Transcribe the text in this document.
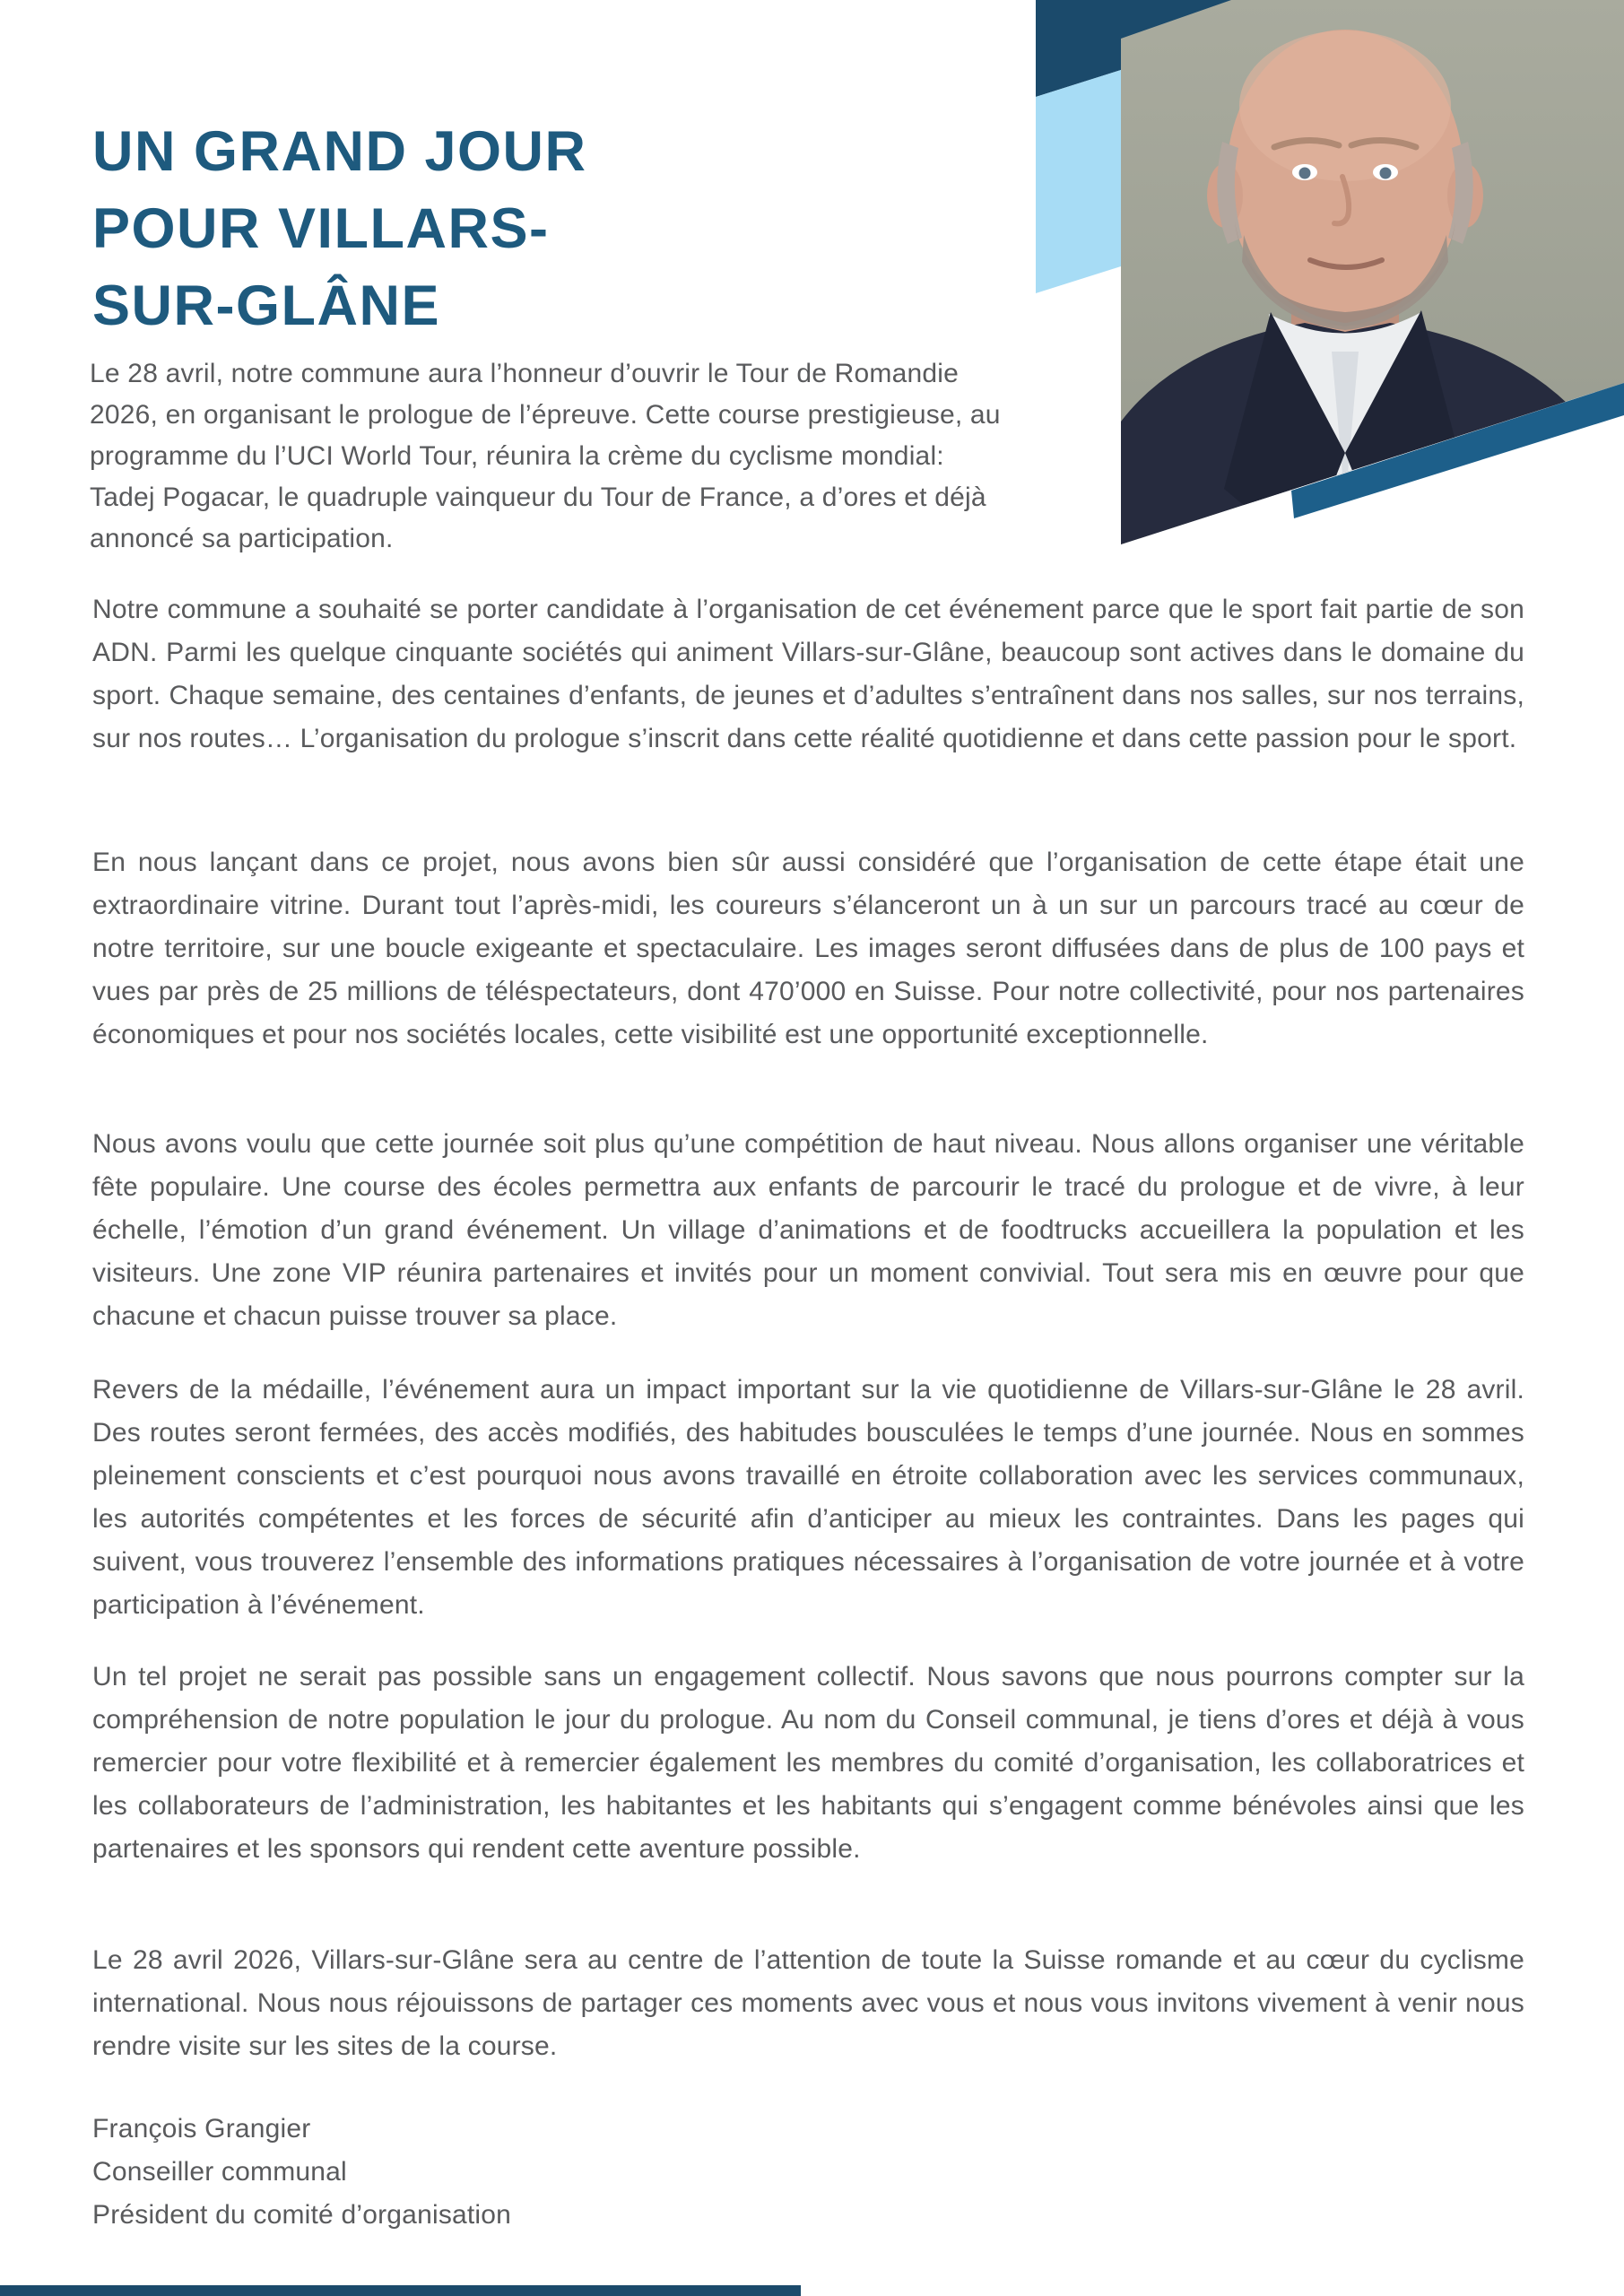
UN GRAND JOUR
POUR VILLARS-
SUR-GLÂNE

Le 28 avril, notre commune aura l’honneur d’ouvrir le Tour de Romandie 2026, en organisant le prologue de l’épreuve. Cette course prestigieuse, au programme du l’UCI World Tour, réunira la crème du cyclisme mondial: Tadej Pogacar, le quadruple vainqueur du Tour de France, a d’ores et déjà annoncé sa participation.

Notre commune a souhaité se porter candidate à l’organisation de cet événement parce que le sport fait partie de son ADN. Parmi les quelque cinquante sociétés qui animent Villars-sur-Glâne, beaucoup sont actives dans le domaine du sport. Chaque semaine, des centaines d’enfants, de jeunes et d’adultes s’entraînent dans nos salles, sur nos terrains, sur nos routes… L’organisation du prologue s’inscrit dans cette réalité quotidienne et dans cette passion pour le sport.

En nous lançant dans ce projet, nous avons bien sûr aussi considéré que l’organisation de cette étape était une extraordinaire vitrine. Durant tout l’après-midi, les coureurs s’élanceront un à un sur un parcours tracé au cœur de notre territoire, sur une boucle exigeante et spectaculaire. Les images seront diffusées dans de plus de 100 pays et vues par près de 25 millions de téléspectateurs, dont 470’000 en Suisse. Pour notre collectivité, pour nos partenaires économiques et pour nos sociétés locales, cette visibilité est une opportunité exceptionnelle.

Nous avons voulu que cette journée soit plus qu’une compétition de haut niveau. Nous allons organiser une véritable fête populaire. Une course des écoles permettra aux enfants de parcourir le tracé du prologue et de vivre, à leur échelle, l’émotion d’un grand événement. Un village d’animations et de foodtrucks accueillera la population et les visiteurs. Une zone VIP réunira partenaires et invités pour un moment convivial. Tout sera mis en œuvre pour que chacune et chacun puisse trouver sa place.

Revers de la médaille, l’événement aura un impact important sur la vie quotidienne de Villars-sur-Glâne le 28 avril. Des routes seront fermées, des accès modifiés, des habitudes bousculées le temps d’une journée. Nous en sommes pleinement conscients et c’est pourquoi nous avons travaillé en étroite collaboration avec les services communaux, les autorités compétentes et les forces de sécurité afin d’anticiper au mieux les contraintes. Dans les pages qui suivent, vous trouverez l’ensemble des informations pratiques nécessaires à l’organisation de votre journée et à votre participation à l’événement.

Un tel projet ne serait pas possible sans un engagement collectif. Nous savons que nous pourrons compter sur la compréhension de notre population le jour du prologue. Au nom du Conseil communal, je tiens d’ores et déjà à vous remercier pour votre flexibilité et à remercier également les membres du comité d’organisation, les collaboratrices et les collaborateurs de l’administration, les habitantes et les habitants qui s’engagent comme bénévoles ainsi que les partenaires et les sponsors qui rendent cette aventure possible.

Le 28 avril 2026, Villars-sur-Glâne sera au centre de l’attention de toute la Suisse romande et au cœur du cyclisme international. Nous nous réjouissons de partager ces moments avec vous et nous vous invitons vivement à venir nous rendre visite sur les sites de la course.

François Grangier
Conseiller communal
Président du comité d’organisation
